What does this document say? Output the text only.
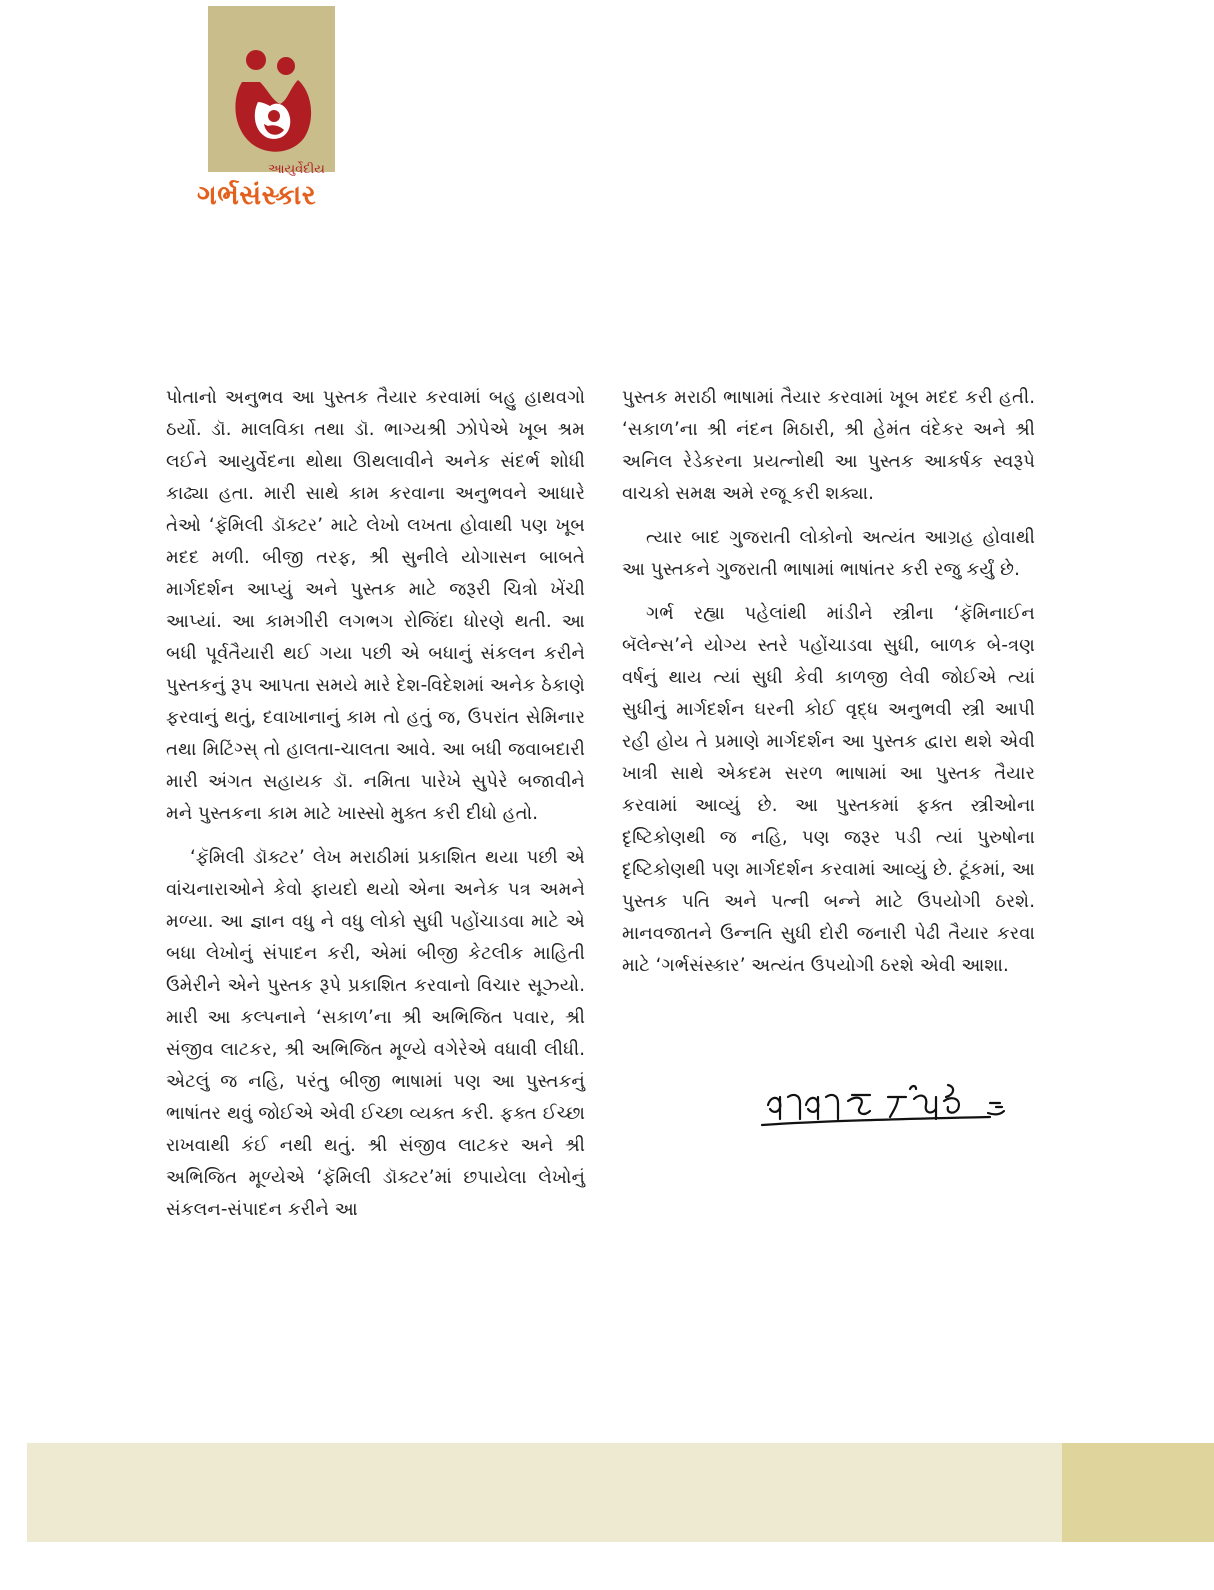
આયુર્વેદીય
ગર્ભસંસ્કાર

પોતાનો અનુભવ આ પુસ્તક તૈયાર કરવામાં બહુ હાથવગો ઠર્યો. ડૉ. માલવિકા તથા ડૉ. ભાગ્યશ્રી ઝોપેએ ખૂબ શ્રમ લઈને આયુર્વેદના થોથા ઊથલાવીને અનેક સંદર્ભ શોધી કાઢ્યા હતા. મારી સાથે કામ કરવાના અનુભવને આધારે તેઓ ‘ફૅમિલી ડૉક્ટર’ માટે લેખો લખતા હોવાથી પણ ખૂબ મદદ મળી. બીજી તરફ, શ્રી સુનીલે યોગાસન બાબતે માર્ગદર્શન આપ્યું અને પુસ્તક માટે જરૂરી ચિત્રો ખેંચી આપ્યાં. આ કામગીરી લગભગ રોજિંદા ધોરણે થતી. આ બધી પૂર્વતૈયારી થઈ ગયા પછી એ બધાનું સંકલન કરીને પુસ્તકનું રૂપ આપતા સમયે મારે દેશ-વિદેશમાં અનેક ઠેકાણે ફરવાનું થતું, દવાખાનાનું કામ તો હતું જ, ઉપરાંત સેમિનાર તથા મિટિંગ્સ્ તો હાલતા-ચાલતા આવે. આ બધી જવાબદારી મારી અંગત સહાયક ડૉ. નમિતા પારેખે સુપેરે બજાવીને મને પુસ્તકના કામ માટે ખાસ્સો મુક્ત કરી દીધો હતો.

‘ફૅમિલી ડૉક્ટર’ લેખ મરાઠીમાં પ્રકાશિત થયા પછી એ વાંચનારાઓને કેવો ફાયદો થયો એના અનેક પત્ર અમને મળ્યા. આ જ્ઞાન વધુ ને વધુ લોકો સુધી પહોંચાડવા માટે એ બધા લેખોનું સંપાદન કરી, એમાં બીજી કેટલીક માહિતી ઉમેરીને એને પુસ્તક રૂપે પ્રકાશિત કરવાનો વિચાર સૂઝ્યો. મારી આ કલ્પનાને ‘સકાળ’ના શ્રી અભિજિત પવાર, શ્રી સંજીવ લાટકર, શ્રી અભિજિત મૂળ્યે વગેરેએ વધાવી લીધી. એટલું જ નહિ, પરંતુ બીજી ભાષામાં પણ આ પુસ્તકનું ભાષાંતર થવું જોઈએ એવી ઈચ્છા વ્યક્ત કરી. ફક્ત ઈચ્છા રાખવાથી કંઈ નથી થતું. શ્રી સંજીવ લાટકર અને શ્રી અભિજિત મૂળ્યેએ ‘ફૅમિલી ડૉક્ટર’માં છપાયેલા લેખોનું સંકલન-સંપાદન કરીને આ

પુસ્તક મરાઠી ભાષામાં તૈયાર કરવામાં ખૂબ મદદ કરી હતી. ‘સકાળ’ના શ્રી નંદન મિઠારી, શ્રી હેમંત વંદેકર અને શ્રી અનિલ રેડેકરના પ્રયત્નોથી આ પુસ્તક આકર્ષક સ્વરૂપે વાચકો સમક્ષ અમે રજૂ કરી શક્યા.

ત્યાર બાદ ગુજરાતી લોકોનો અત્યંત આગ્રહ હોવાથી આ પુસ્તકને ગુજરાતી ભાષામાં ભાષાંતર કરી રજુ કર્યું છે.

ગર્ભ રહ્યા પહેલાંથી માંડીને સ્ત્રીના ‘ફૅમિનાઈન બૅલેન્સ’ને યોગ્ય સ્તરે પહોંચાડવા સુધી, બાળક બે-ત્રણ વર્ષનું થાય ત્યાં સુધી કેવી કાળજી લેવી જોઈએ ત્યાં સુધીનું માર્ગદર્શન ઘરની કોઈ વૃદ્ધ અનુભવી સ્ત્રી આપી રહી હોય તે પ્રમાણે માર્ગદર્શન આ પુસ્તક દ્વારા થશે એવી ખાત્રી સાથે એકદમ સરળ ભાષામાં આ પુસ્તક તૈયાર કરવામાં આવ્યું છે. આ પુસ્તકમાં ફક્ત સ્ત્રીઓના દૃષ્ટિકોણથી જ નહિ, પણ જરૂર પડી ત્યાં પુરુષોના દૃષ્ટિકોણથી પણ માર્ગદર્શન કરવામાં આવ્યું છે. ટૂંકમાં, આ પુસ્તક પતિ અને પત્ની બન્ને માટે ઉપયોગી ઠરશે. માનવજાતને ઉન્નતિ સુધી દોરી જનારી પેઢી તૈયાર કરવા માટે ‘ગર્ભસંસ્કાર’ અત્યંત ઉપયોગી ઠરશે એવી આશા.
